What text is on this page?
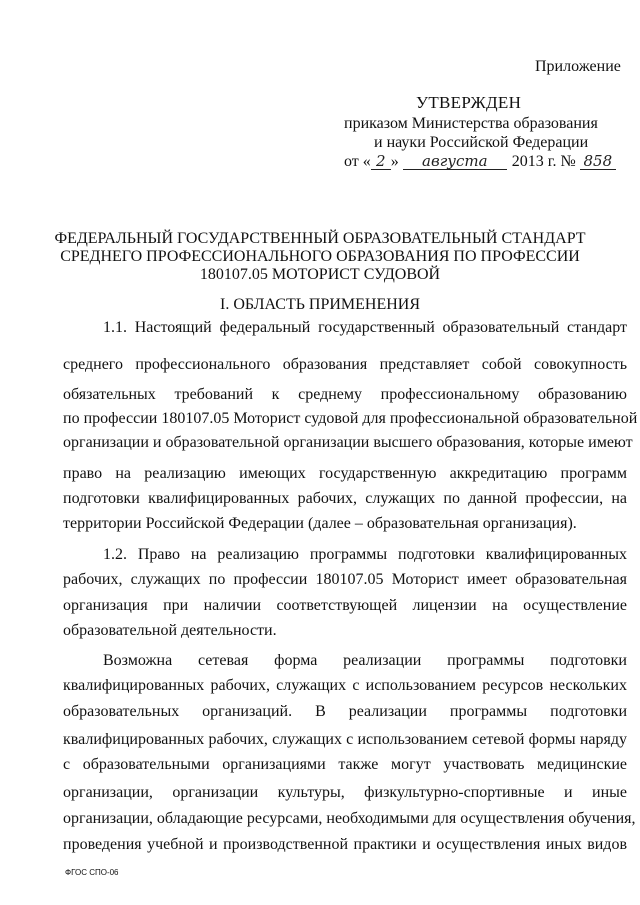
Приложение
УТВЕРЖДЕН
приказом Министерства образования
и науки Российской Федерации
от « 2 »	августа	2013 г. № 858
ФЕДЕРАЛЬНЫЙ ГОСУДАРСТВЕННЫЙ ОБРАЗОВАТЕЛЬНЫЙ СТАНДАРТ
СРЕДНЕГО ПРОФЕССИОНАЛЬНОГО ОБРАЗОВАНИЯ ПО ПРОФЕССИИ
180107.05 МОТОРИСТ СУДОВОЙ
I. ОБЛАСТЬ ПРИМЕНЕНИЯ
1.1. Настоящий федеральный государственный образовательный стандарт
среднего профессионального образования представляет собой совокупность
обязательных требований к среднему профессиональному образованию
по профессии 180107.05 Моторист судовой для профессиональной образовательной
организации и образовательной организации высшего образования, которые имеют
право на реализацию имеющих государственную аккредитацию программ
подготовки квалифицированных рабочих, служащих по данной профессии, на
территории Российской Федерации (далее – образовательная организация).
1.2. Право на реализацию программы подготовки квалифицированных
рабочих, служащих по профессии 180107.05 Моторист имеет образовательная
организация при наличии соответствующей лицензии на осуществление
образовательной деятельности.
Возможна сетевая форма реализации программы подготовки
квалифицированных рабочих, служащих с использованием ресурсов нескольких
образовательных организаций. В реализации программы подготовки
квалифицированных рабочих, служащих с использованием сетевой формы наряду
с образовательными организациями также могут участвовать медицинские
организации, организации культуры, физкультурно-спортивные и иные
организации, обладающие ресурсами, необходимыми для осуществления обучения,
проведения учебной и производственной практики и осуществления иных видов
ФГОС СПО-06
